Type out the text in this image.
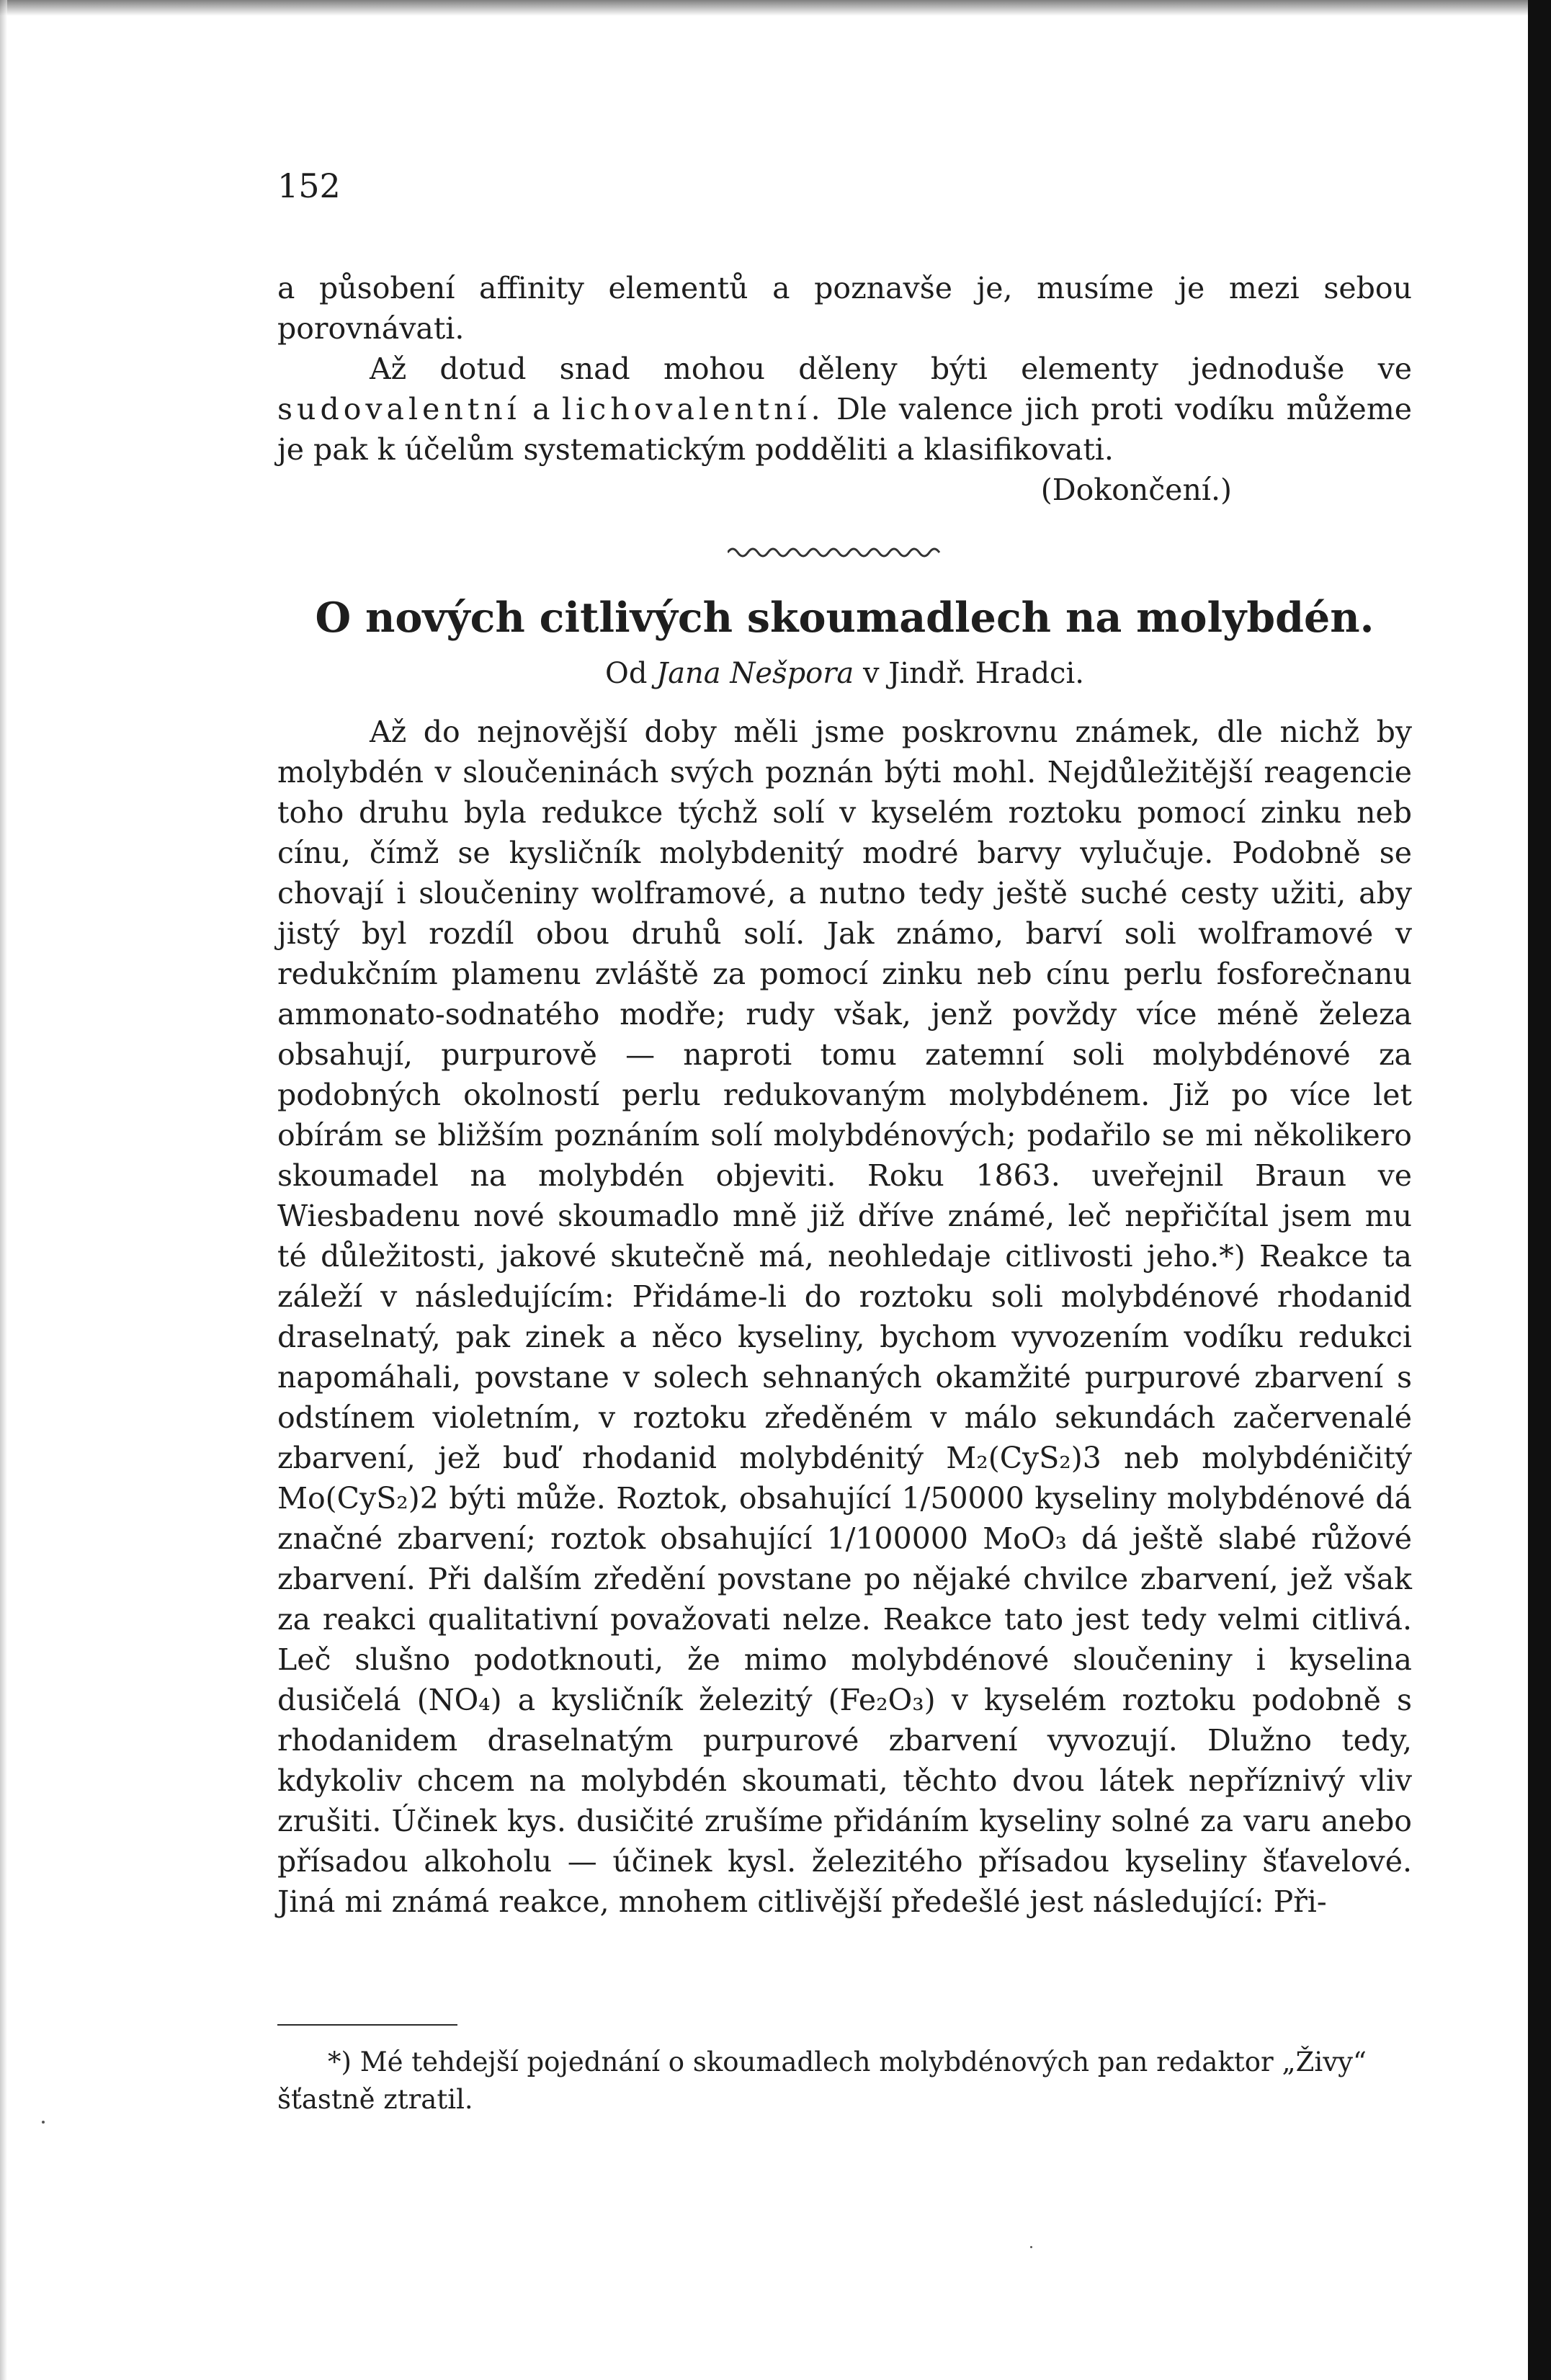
152

a působení affinity elementů a poznavše je, musíme je mezi sebou porovnávati.

Až dotud snad mohou děleny býti elementy jednoduše ve sudovalentní a lichovalentní. Dle valence jich proti vodíku můžeme je pak k účelům systematickým podděliti a klasifikovati.

(Dokončení.)

O nových citlivých skoumadlech na molybdén.
Od Jana Nešpora v Jindř. Hradci.

Až do nejnovější doby měli jsme poskrovnu známek, dle nichž by molybdén v sloučeninách svých poznán býti mohl. Nejdůležitější reagencie toho druhu byla redukce týchž solí v kyselém roztoku pomocí zinku neb cínu, čímž se kysličník molybdenitý modré barvy vylučuje. Podobně se chovají i sloučeniny wolframové, a nutno tedy ještě suché cesty užiti, aby jistý byl rozdíl obou druhů solí. Jak známo, barví soli wolframové v redukčním plamenu zvláště za pomocí zinku neb cínu perlu fosforečnanu ammonato-sodnatého modře; rudy však, jenž povždy více méně železa obsahují, purpurově — naproti tomu zatemní soli molybdénové za podobných okolností perlu redukovaným molybdénem. Již po více let obírám se bližším poznáním solí molybdénových; podařilo se mi několikero skoumadel na molybdén objeviti. Roku 1863. uveřejnil Braun ve Wiesbadenu nové skoumadlo mně již dříve známé, leč nepřičítal jsem mu té důležitosti, jakové skutečně má, neohledaje citlivosti jeho.*) Reakce ta záleží v následujícím: Přidáme-li do roztoku soli molybdénové rhodanid draselnatý, pak zinek a něco kyseliny, bychom vyvozením vodíku redukci napomáhali, povstane v solech sehnaných okamžité purpurové zbarvení s odstínem violetním, v roztoku zředěném v málo sekundách začervenalé zbarvení, jež buď rhodanid molybdénitý M₂(CyS₂)3 neb molybdéničitý Mo(CyS₂)2 býti může. Roztok, obsahující 1/50000 kyseliny molybdénové dá značné zbarvení; roztok obsahující 1/100000 MoO₃ dá ještě slabé růžové zbarvení. Při dalším zředění povstane po nějaké chvilce zbarvení, jež však za reakci qualitativní považovati nelze. Reakce tato jest tedy velmi citlivá. Leč slušno podotknouti, že mimo molybdénové sloučeniny i kyselina dusičelá (NO₄) a kysličník železitý (Fe₂O₃) v kyselém roztoku podobně s rhodanidem draselnatým purpurové zbarvení vyvozují. Dlužno tedy, kdykoliv chcem na molybdén skoumati, těchto dvou látek nepříznivý vliv zrušiti. Účinek kys. dusičité zrušíme přidáním kyseliny solné za varu anebo přísadou alkoholu — účinek kysl. železitého přísadou kyseliny šťavelové. Jiná mi známá reakce, mnohem citlivější předešlé jest následující: Při-

*) Mé tehdejší pojednání o skoumadlech molybdénových pan redaktor „Živy“ šťastně ztratil.
